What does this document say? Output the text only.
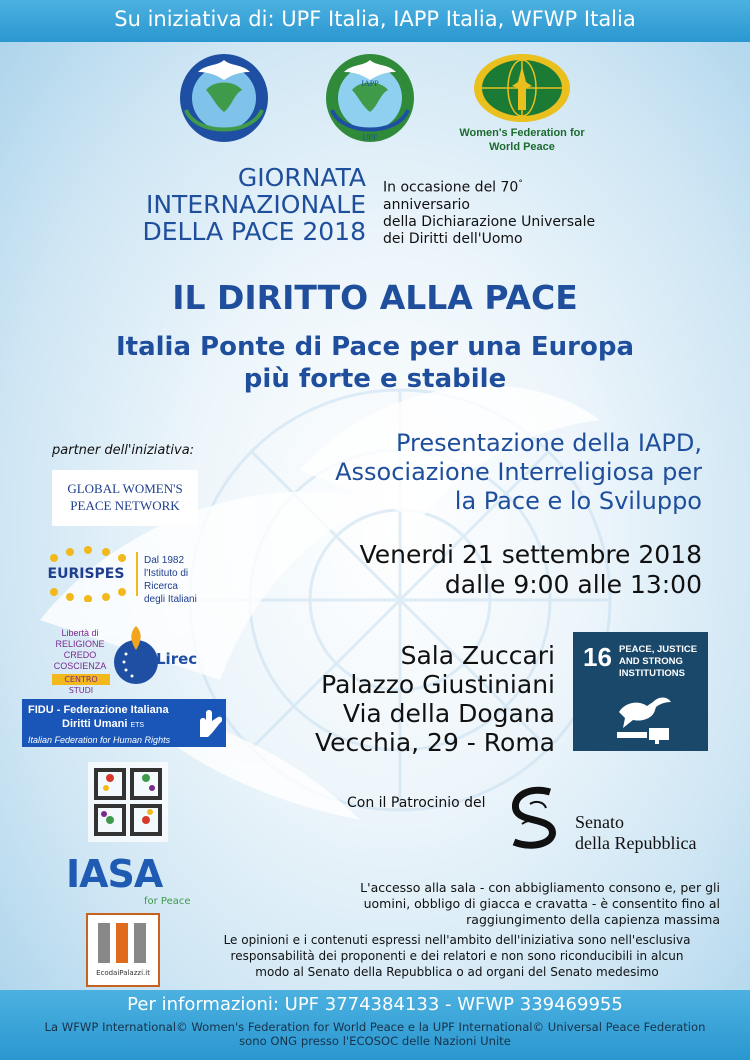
Su iniziativa di: UPF Italia, IAPP Italia, WFWP Italia
UPF
IAPP
UPF	Women's Federation for
World Peace
GIORNATA
INTERNAZIONALE
DELLA PACE 2018
In occasione del 70°
anniversario
della Dichiarazione Universale
dei Diritti dell'Uomo
IL DIRITTO ALLA PACE
Italia Ponte di Pace per una Europa
più forte e stabile
partner dell'iniziativa:
GLOBAL WOMEN'S
PEACE NETWORK
EURISPES
Dal 1982
l'Istituto di Ricerca
degli Italiani
Libertà di
RELIGIONE
CREDO
COSCIENZA
CENTRO STUDI
Lirec
FIDU - Federazione Italiana
Diritti Umani ETS
Italian Federation for Human Rights
IASA
for Peace
EcodaiPalazzi.it
Presentazione della IAPD,
Associazione Interreligiosa per
la Pace e lo Sviluppo
Venerdi 21 settembre 2018
dalle 9:00 alle 13:00
Sala Zuccari
Palazzo Giustiniani
Via della Dogana
Vecchia, 29 - Roma
16 PEACE, JUSTICE
AND STRONG
INSTITUTIONS
Con il Patrocinio del
Senato
della Repubblica
L'accesso alla sala - con abbigliamento consono e, per gli
uomini, obbligo di giacca e cravatta - è consentito fino al
raggiungimento della capienza massima
Le opinioni e i contenuti espressi nell'ambito dell'iniziativa sono nell'esclusiva
responsabilità dei proponenti e dei relatori e non sono riconducibili in alcun
modo al Senato della Repubblica o ad organi del Senato medesimo
Per informazioni: UPF 3774384133 - WFWP 339469955
La WFWP International© Women's Federation for World Peace e la UPF International© Universal Peace Federation
sono ONG presso l'ECOSOC delle Nazioni Unite
